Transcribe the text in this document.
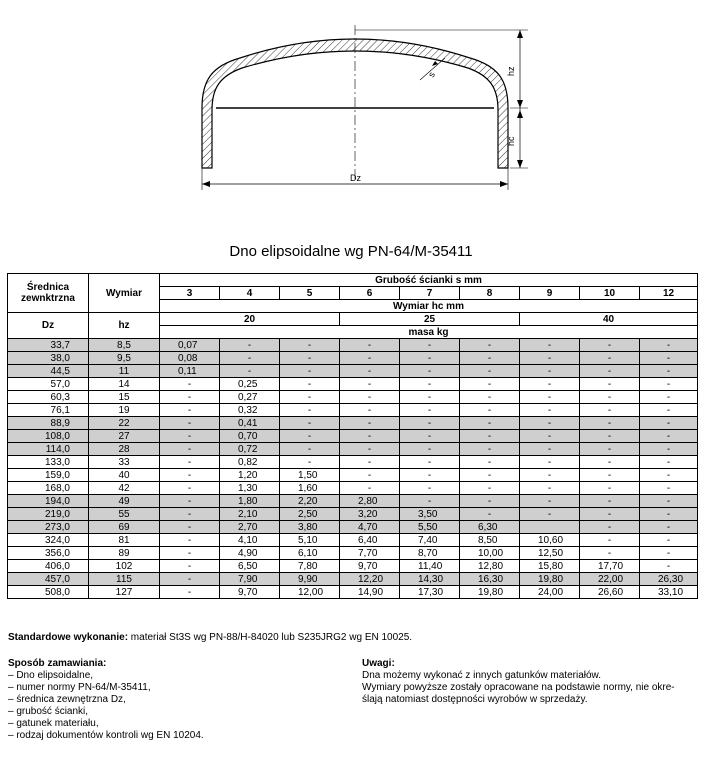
s	hz
hc
Dz
Dno elipsoidalne wg PN-64/M-35411
Średnica zewnktrzna	Wymiar	Grubość ścianki s mm								
		3	4	5	6	7	8	9	10	12
		Wymiar hc mm								
Dz	hz	20			25			40		
		masa kg								
33,7	8,5	0,07	-	-	-	-	-	-	-	-
38,0	9,5	0,08	-	-	-	-	-	-	-	-
44,5	11	0,11	-	-	-	-	-	-	-	-
57,0	14	-	0,25	-	-	-	-	-	-	-
60,3	15	-	0,27	-	-	-	-	-	-	-
76,1	19	-	0,32	-	-	-	-	-	-	-
88,9	22	-	0,41	-	-	-	-	-	-	-
108,0	27	-	0,70	-	-	-	-	-	-	-
114,0	28	-	0,72	-	-	-	-	-	-	-
133,0	33	-	0,82	-	-	-	-	-	-	-
159,0	40	-	1,20	1,50	-	-	-	-	-	-
168,0	42	-	1,30	1,60	-	-	-	-	-	-
194,0	49	-	1,80	2,20	2,80	-	-	-	-	-
219,0	55	-	2,10	2,50	3,20	3,50	-	-	-	-
273,0	69	-	2,70	3,80	4,70	5,50	6,30		-	-
324,0	81	-	4,10	5,10	6,40	7,40	8,50	10,60	-	-
356,0	89	-	4,90	6,10	7,70	8,70	10,00	12,50	-	-
406,0	102	-	6,50	7,80	9,70	11,40	12,80	15,80	17,70	-
457,0	115	-	7,90	9,90	12,20	14,30	16,30	19,80	22,00	26,30
508,0	127	-	9,70	12,00	14,90	17,30	19,80	24,00	26,60	33,10
Standardowe wykonanie: materiał St3S wg PN-88/H-84020 lub S235JRG2 wg EN 10025.
Sposób zamawiania:
– Dno elipsoidalne,
– numer normy PN-64/M-35411,
– średnica zewnętrzna Dz,
– grubość ścianki,
– gatunek materiału,
– rodzaj dokumentów kontroli wg EN 10204.
Uwagi:
Dna możemy wykonać z innych gatunków materiałów.
Wymiary powyższe zostały opracowane na podstawie normy, nie okre-
ślają natomiast dostępności wyrobów w sprzedaży.
